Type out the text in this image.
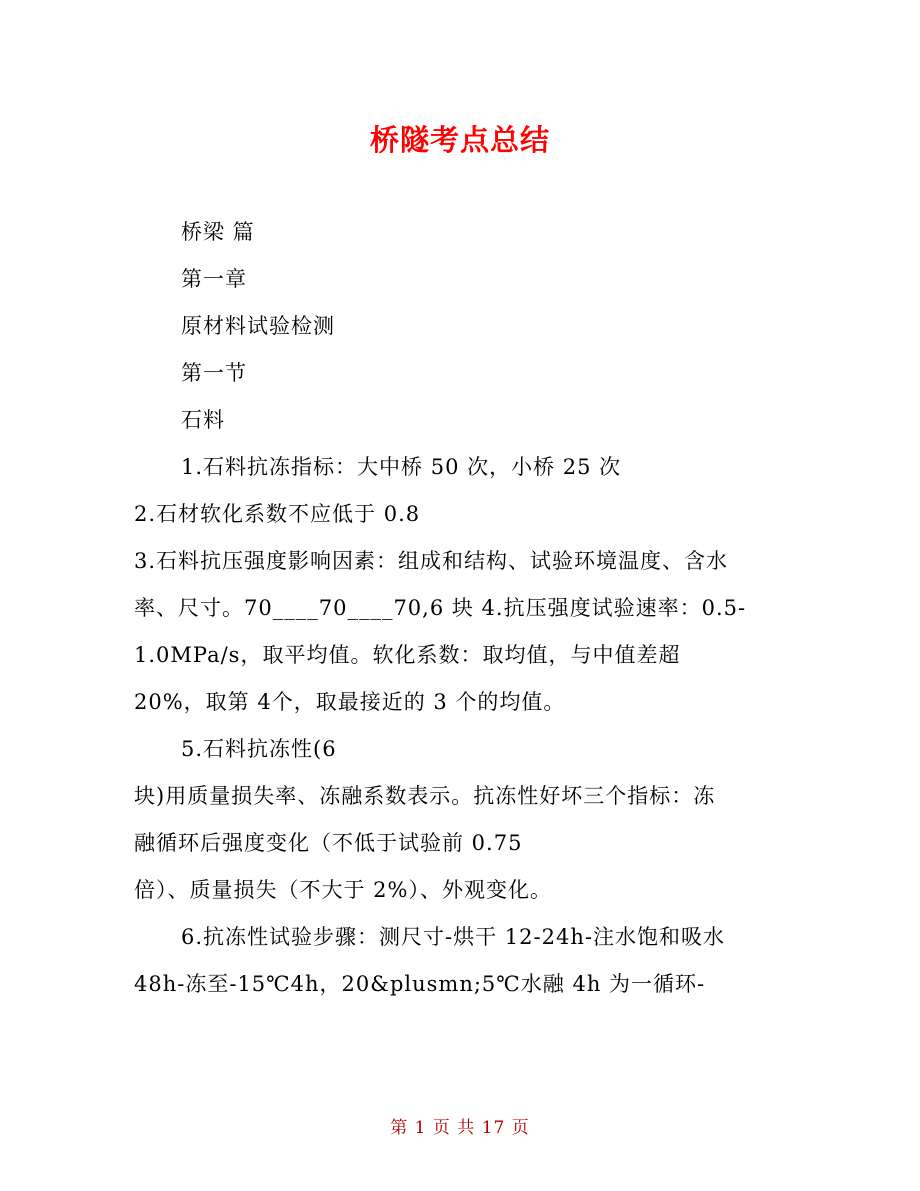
桥隧考点总结
桥梁 篇
第一章
原材料试验检测
第一节
石料
1.石料抗冻指标：大中桥 50 次，小桥 25 次
2.石材软化系数不应低于 0.8
3.石料抗压强度影响因素：组成和结构、试验环境温度、含水
率、尺寸。70____70____70,6 块 4.抗压强度试验速率：0.5-
1.0MPa/s，取平均值。软化系数：取均值，与中值差超
20%，取第 4个，取最接近的 3 个的均值。
5.石料抗冻性(6
块)用质量损失率、冻融系数表示。抗冻性好坏三个指标：冻
融循环后强度变化（不低于试验前 0.75
倍）、质量损失（不大于 2%）、外观变化。
6.抗冻性试验步骤：测尺寸-烘干 12-24h-注水饱和吸水
48h-冻至-15℃4h，20&plusmn;5℃水融 4h 为一循环-
第 1 页 共 17 页
